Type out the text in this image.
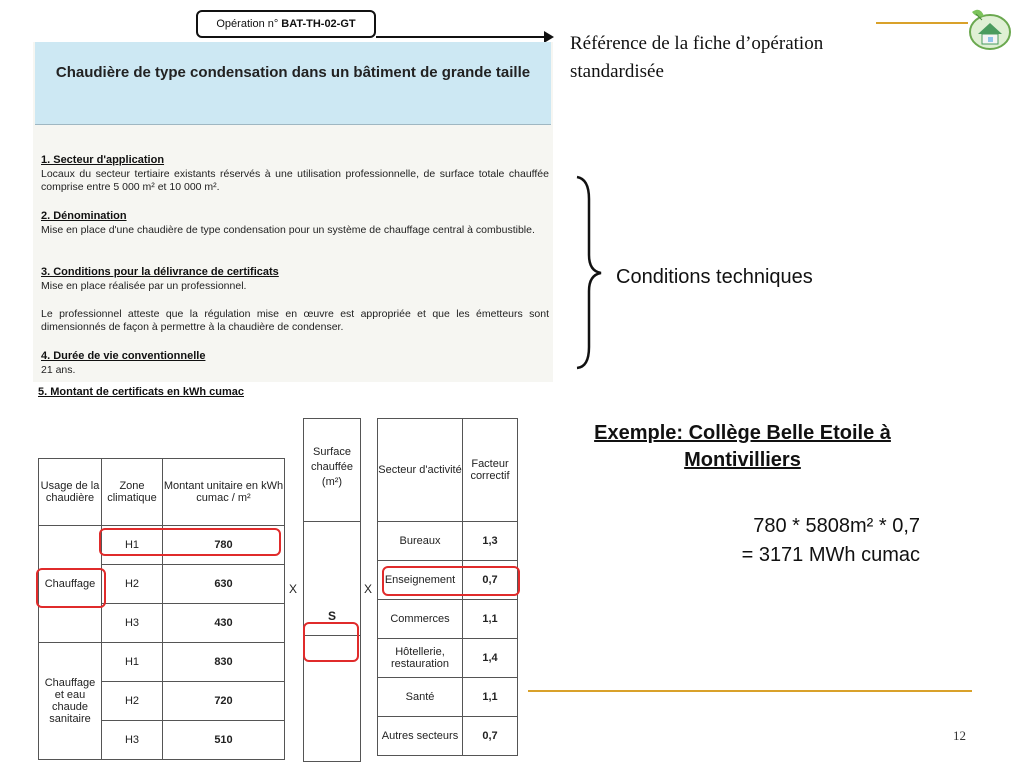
Opération n° BAT-TH-02-GT
Référence de la fiche d’opération standardisée
Chaudière de type condensation dans un bâtiment de grande taille
1. Secteur d'application
Locaux du secteur tertiaire existants réservés à une utilisation professionnelle, de surface totale chauffée comprise entre 5 000 m² et 10 000 m².
2. Dénomination
Mise en place d'une chaudière de type condensation pour un système de chauffage central à combustible.
3. Conditions pour la délivrance de certificats
Mise en place réalisée par un professionnel.
Le professionnel atteste que la régulation mise en œuvre est appropriée et que les émetteurs sont dimensionnés de façon à permettre à la chaudière de condenser.
4. Durée de vie conventionnelle
21 ans.
5. Montant de certificats en kWh cumac
Usage de la chaudière	Zone climatique	Montant unitaire en kWh cumac / m²
Chauffage	H1	780
	H2	630
	H3	430
Chauffage et eau chaude sanitaire	H1	830
	H2	720
	H3	510
X
Surface chauffée (m²)
S
X
Secteur d'activité	Facteur correctif
Bureaux	1,3
Enseignement	0,7
Commerces	1,1
Hôtellerie, restauration	1,4
Santé	1,1
Autres secteurs	0,7
Conditions techniques
Exemple: Collège Belle Etoile à Montivilliers
780 * 5808m² * 0,7
= 3171 MWh cumac
12
